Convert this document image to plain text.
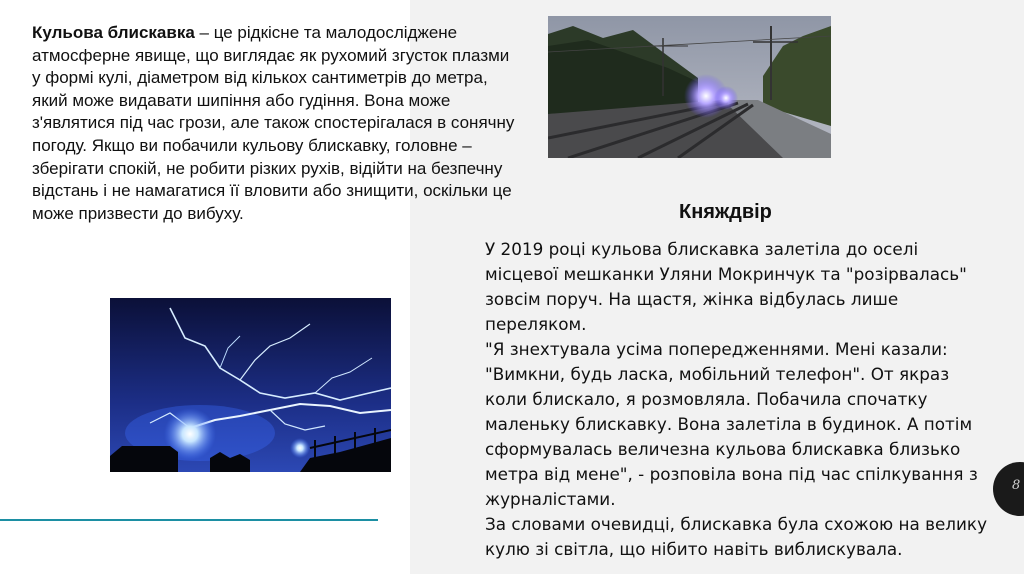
Кульова блискавка – це рідкісне та малодосліджене атмосферне явище, що виглядає як рухомий згусток плазми у формі кулі, діаметром від кількох сантиметрів до метра, який може видавати шипіння або гудіння. Вона може з'являтися під час грози, але також спостерігалася в сонячну погоду. Якщо ви побачили кульову блискавку, головне – зберігати спокій, не робити різких рухів, відійти на безпечну відстань і не намагатися її вловити або знищити, оскільки це може призвести до вибуху.	Княждвір

У 2019 році кульова блискавка залетіла до оселі місцевої мешканки Уляни Мокринчук та "розірвалась" зовсім поруч. На щастя, жінка відбулась лише переляком.

"Я знехтувала усіма попередженнями. Мені казали: "Вимкни, будь ласка, мобільний телефон". От якраз коли блискало, я розмовляла. Побачила спочатку маленьку блискавку. Вона залетіла в будинок. А потім сформувалась величезна кульова блискавка близько метра від мене", - розповіла вона під час спілкування з журналістами.

За словами очевидці, блискавка була схожою на велику кулю зі світла, що нібито навіть виблискувала.

8
